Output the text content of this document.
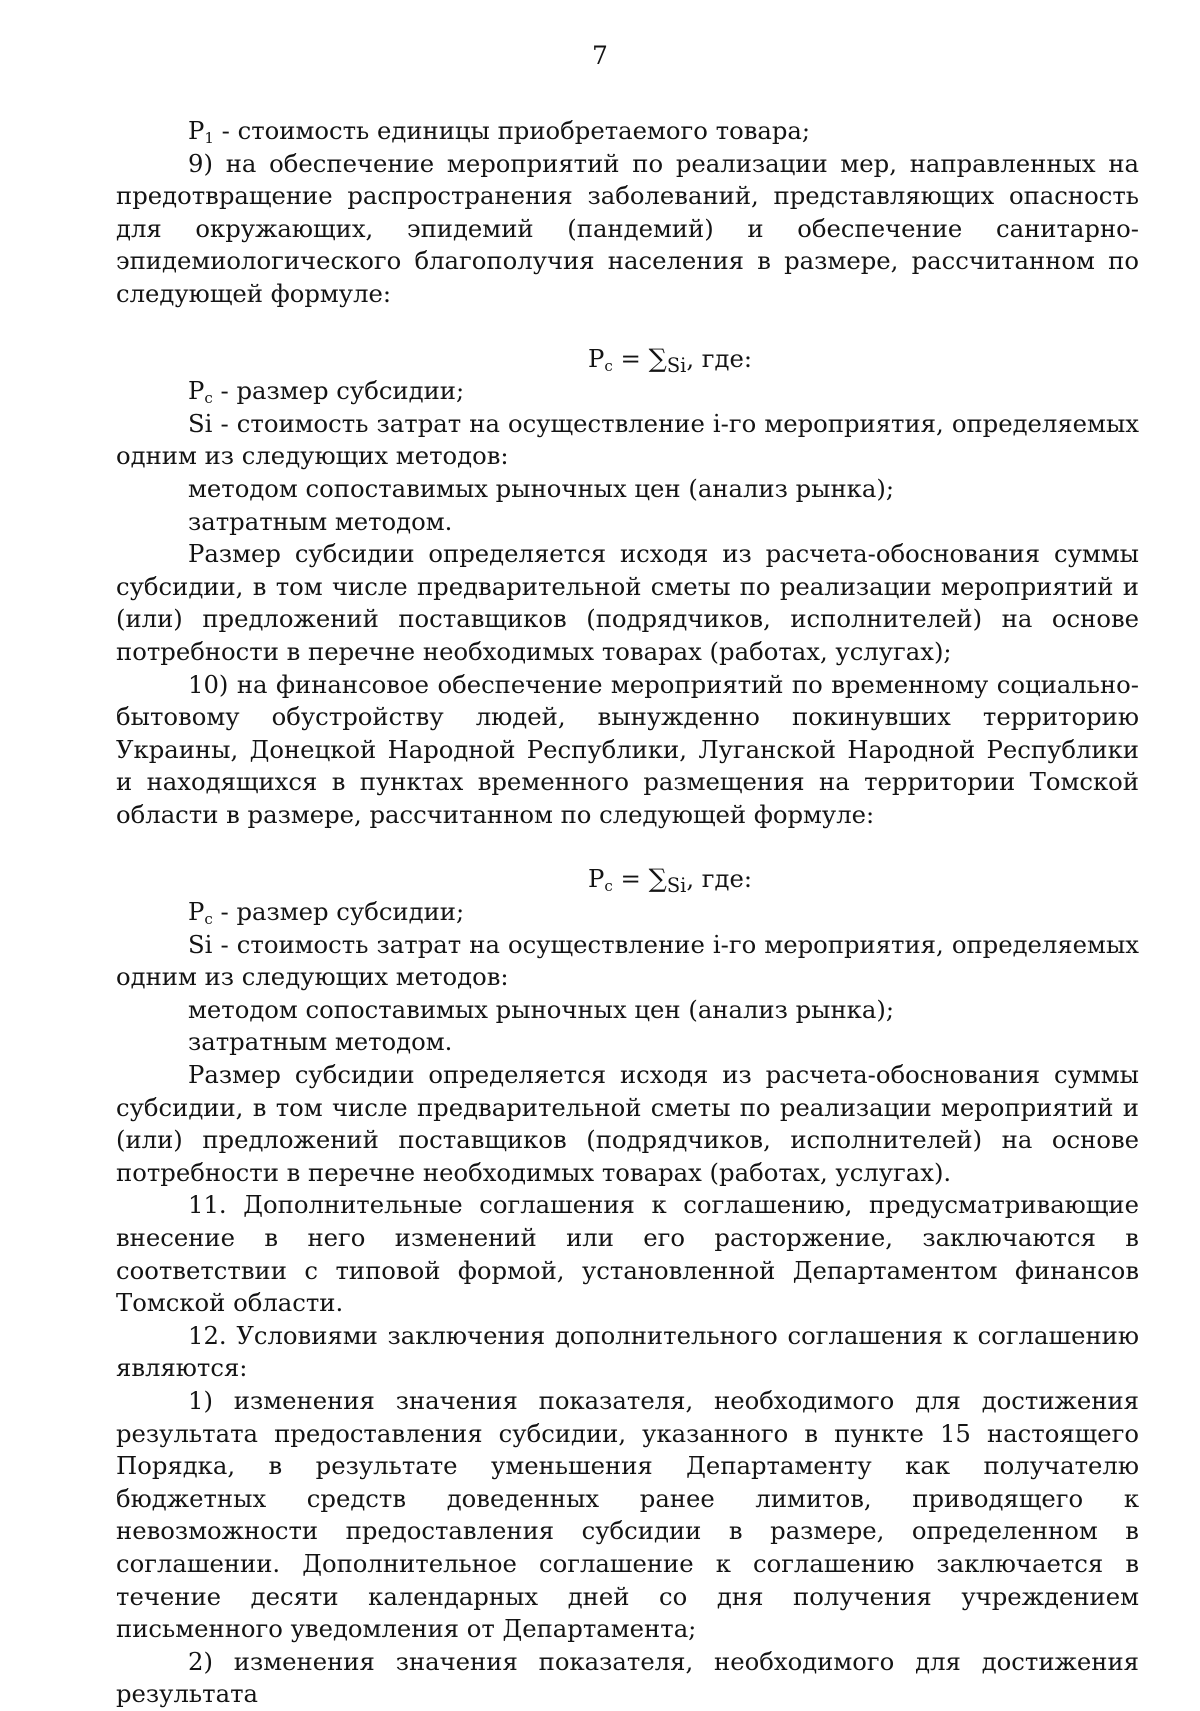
7

$P_1$ - стоимость единицы приобретаемого товара;

9) на обеспечение мероприятий по реализации мер, направленных на предотвращение распространения заболеваний, представляющих опасность для окружающих, эпидемий (пандемий) и обеспечение санитарно-эпидемиологического благополучия населения в размере, рассчитанном по следующей формуле:

$P_c = \sum_{Si}$, где:

$P_c$ - размер субсидии;

Si - стоимость затрат на осуществление i-го мероприятия, определяемых одним из следующих методов:

методом сопоставимых рыночных цен (анализ рынка);

затратным методом.

Размер субсидии определяется исходя из расчета-обоснования суммы субсидии, в том числе предварительной сметы по реализации мероприятий и (или) предложений поставщиков (подрядчиков, исполнителей) на основе потребности в перечне необходимых товарах (работах, услугах);

10) на финансовое обеспечение мероприятий по временному социально-бытовому обустройству людей, вынужденно покинувших территорию Украины, Донецкой Народной Республики, Луганской Народной Республики и находящихся в пунктах временного размещения на территории Томской области в размере, рассчитанном по следующей формуле:

$P_c = \sum_{Si}$, где:

$P_c$ - размер субсидии;

Si - стоимость затрат на осуществление i-го мероприятия, определяемых одним из следующих методов:

методом сопоставимых рыночных цен (анализ рынка);

затратным методом.

Размер субсидии определяется исходя из расчета-обоснования суммы субсидии, в том числе предварительной сметы по реализации мероприятий и (или) предложений поставщиков (подрядчиков, исполнителей) на основе потребности в перечне необходимых товарах (работах, услугах).

11. Дополнительные соглашения к соглашению, предусматривающие внесение в него изменений или его расторжение, заключаются в соответствии с типовой формой, установленной Департаментом финансов Томской области.

12. Условиями заключения дополнительного соглашения к соглашению являются:

1) изменения значения показателя, необходимого для достижения результата предоставления субсидии, указанного в пункте 15 настоящего Порядка, в результате уменьшения Департаменту как получателю бюджетных средств доведенных ранее лимитов, приводящего к невозможности предоставления субсидии в размере, определенном в соглашении. Дополнительное соглашение к соглашению заключается в течение десяти календарных дней со дня получения учреждением письменного уведомления от Департамента;

2) изменения значения показателя, необходимого для достижения результата
